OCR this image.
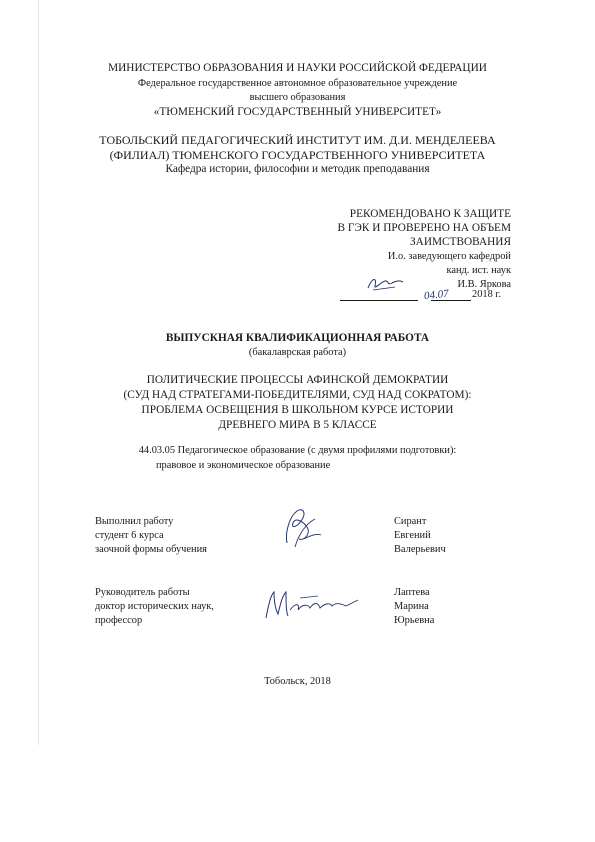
МИНИСТЕРСТВО ОБРАЗОВАНИЯ И НАУКИ РОССИЙСКОЙ ФЕДЕРАЦИИ
Федеральное государственное автономное образовательное учреждение
высшего образования
«ТЮМЕНСКИЙ ГОСУДАРСТВЕННЫЙ УНИВЕРСИТЕТ»
ТОБОЛЬСКИЙ ПЕДАГОГИЧЕСКИЙ ИНСТИТУТ ИМ. Д.И. МЕНДЕЛЕЕВА
(ФИЛИАЛ) ТЮМЕНСКОГО ГОСУДАРСТВЕННОГО УНИВЕРСИТЕТА
Кафедра истории, философии и методик преподавания
РЕКОМЕНДОВАНО К ЗАЩИТЕ
В ГЭК И ПРОВЕРЕНО НА ОБЪЕМ
ЗАИМСТВОВАНИЯ
И.о. заведующего кафедрой
канд. ист. наук
И.В. Яркова
04.07 2018 г.
ВЫПУСКНАЯ КВАЛИФИКАЦИОННАЯ РАБОТА
(бакалаврская работа)
ПОЛИТИЧЕСКИЕ ПРОЦЕССЫ АФИНСКОЙ ДЕМОКРАТИИ
(СУД НАД СТРАТЕГАМИ-ПОБЕДИТЕЛЯМИ, СУД НАД СОКРАТОМ):
ПРОБЛЕМА ОСВЕЩЕНИЯ В ШКОЛЬНОМ КУРСЕ ИСТОРИИ
ДРЕВНЕГО МИРА В 5 КЛАССЕ
44.03.05 Педагогическое образование (с двумя профилями подготовки):
правовое и экономическое образование
Выполнил работу
студент 6 курса
заочной формы обучения
Сирант
Евгений
Валерьевич
Руководитель работы
доктор исторических наук,
профессор
Лаптева
Марина
Юрьевна
Тобольск, 2018
